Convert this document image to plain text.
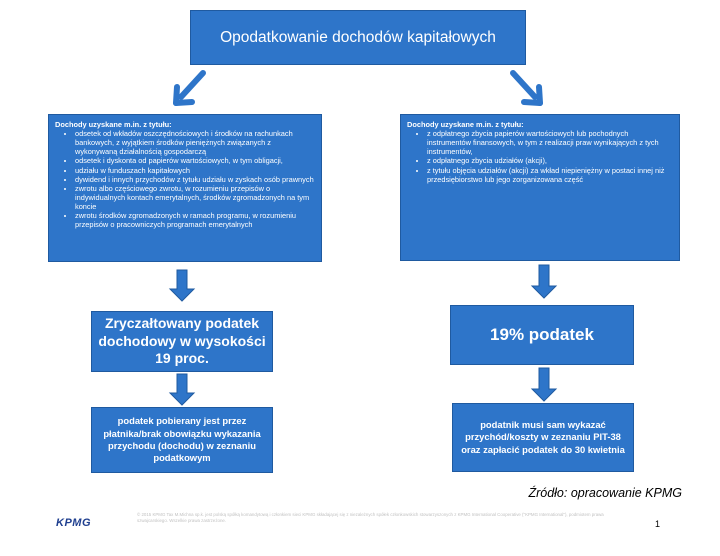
Opodatkowanie dochodów kapitałowych
Dochody uzyskane m.in. z tytułu:
• odsetek od wkładów oszczędnościowych i środków na rachunkach bankowych, z wyjątkiem środków pieniężnych związanych z wykonywaną działalnością gospodarczą
• odsetek i dyskonta od papierów wartościowych, w tym obligacji,
• udziału w funduszach kapitałowych
• dywidend i innych przychodów z tytułu udziału w zyskach osób prawnych
• zwrotu albo częściowego zwrotu, w rozumieniu przepisów o indywidualnych kontach emerytalnych, środków zgromadzonych na tym koncie
• zwrotu środków zgromadzonych w ramach programu, w rozumieniu przepisów o pracowniczych programach emerytalnych
Dochody uzyskane m.in. z tytułu:
• z odpłatnego zbycia papierów wartościowych lub pochodnych instrumentów finansowych, w tym z realizacji praw wynikających z tych instrumentów,
• z odpłatnego zbycia udziałów (akcji),
• z tytułu objęcia udziałów (akcji) za wkład niepieniężny w postaci innej niż przedsiębiorstwo lub jego zorganizowana część
Zryczałtowany podatek dochodowy w wysokości 19 proc.
19% podatek
podatek pobierany jest przez płatnika/brak obowiązku wykazania przychodu (dochodu) w zeznaniu podatkowym
podatnik musi sam wykazać przychód/koszty w zeznaniu PIT-38 oraz zapłacić podatek do 30 kwietnia
Źródło: opracowanie KPMG
KPMG
© 2015 KPMG Tax M.Michna sp.k. jest polską spółką komandytową i członkiem sieci KPMG składającej się z niezależnych spółek członkowskich stowarzyszonych z KPMG International Cooperative ("KPMG International"), podmiotem prawa szwajcarskiego. Wszelkie prawa zastrzeżone.	1
